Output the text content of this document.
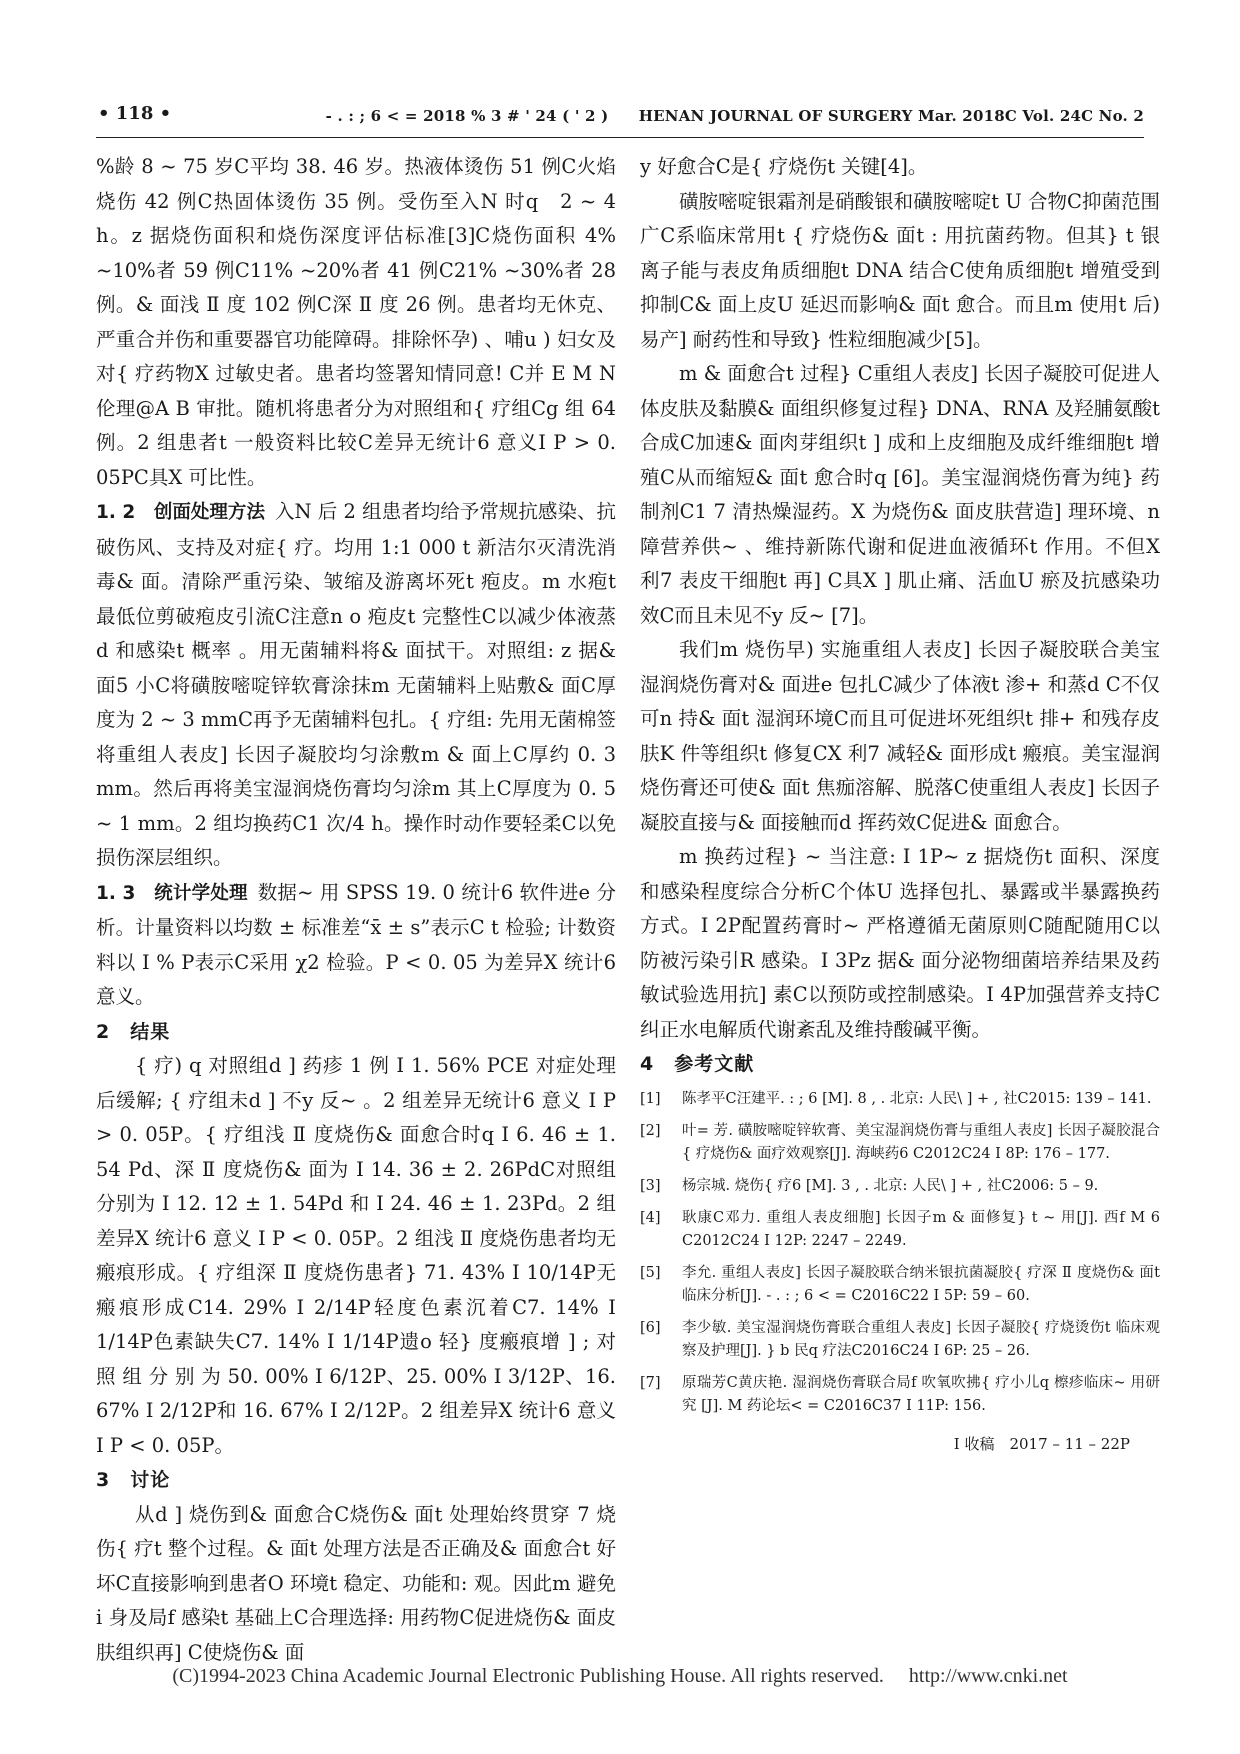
• 118 •	- . : ; 6 < = 2018 % 3 # ' 24 ( ' 2 )　　HENAN JOURNAL OF SURGERY Mar. 2018C Vol. 24C No. 2

%龄 8 ~ 75 岁C平均 38. 46 岁。热液体烫伤 51 例C火焰烧伤 42 例C热固体烫伤 35 例。受伤至入N 时q　2 ~ 4 h。z 据烧伤面积和烧伤深度评估标准[3]C烧伤面积 4% ~10%者 59 例C11% ~20%者 41 例C21% ~30%者 28 例。& 面浅 Ⅱ 度 102 例C深 Ⅱ 度 26 例。患者均无休克、严重合并伤和重要器官功能障碍。排除怀孕) 、哺u ) 妇女及对{ 疗药物X 过敏史者。患者均签署知情同意! C并 E M N 伦理@A B 审批。随机将患者分为对照组和{ 疗组Cg 组 64 例。2 组患者t 一般资料比较C差异无统计6 意义I P > 0. 05PC具X 可比性。

1. 2　 创面处理方法 入N 后 2 组患者均给予常规抗感染、抗破伤风、支持及对症{ 疗。均用 1:1 000 t 新洁尔灭清洗消毒& 面。清除严重污染、皱缩及游离坏死t 疱皮。m 水疱t 最低位剪破疱皮引流C注意n o 疱皮t 完整性C以减少体液蒸d 和感染t 概率 。用无菌辅料将& 面拭干。对照组: z 据& 面5 小C将磺胺嘧啶锌软膏涂抹m 无菌辅料上贴敷& 面C厚度为 2 ~ 3 mmC再予无菌辅料包扎。{ 疗组: 先用无菌棉签将重组人表皮] 长因子凝胶均匀涂敷m & 面上C厚约 0. 3 mm。然后再将美宝湿润烧伤膏均匀涂m 其上C厚度为 0. 5 ~ 1 mm。2 组均换药C1 次/4 h。操作时动作要轻柔C以免损伤深层组织。

1. 3　 统计学处理 数据~ 用 SPSS 19. 0 统计6 软件进e 分析。计量资料以均数 ± 标准差“x̄ ± s”表示C t 检验; 计数资料以 I % P表示C采用 χ2 检验。P < 0. 05 为差异X 统计6 意义。

2　 结果

{ 疗) q 对照组d ] 药疹 1 例 I 1. 56% PCE 对症处理后缓解; { 疗组未d ] 不y 反~ 。2 组差异无统计6 意义 I P > 0. 05P。{ 疗组浅 Ⅱ 度烧伤& 面愈合时q I 6. 46 ± 1. 54 Pd、深 Ⅱ 度烧伤& 面为 I 14. 36 ± 2. 26PdC对照组分别为 I 12. 12 ± 1. 54Pd 和 I 24. 46 ± 1. 23Pd。2 组差异X 统计6 意义 I P < 0. 05P。2 组浅 Ⅱ 度烧伤患者均无瘢痕形成。{ 疗组深 Ⅱ 度烧伤患者} 71. 43% I 10/14P无瘢痕形成C14. 29% I 2/14P轻度色素沉着C7. 14% I 1/14P色素缺失C7. 14% I 1/14P遗o 轻} 度瘢痕增 ] ; 对 照 组 分 别 为 50. 00% I 6/12P、25. 00% I 3/12P、16. 67% I 2/12P和 16. 67% I 2/12P。2 组差异X 统计6 意义 I P < 0. 05P。

3　 讨论

从d ] 烧伤到& 面愈合C烧伤& 面t 处理始终贯穿 7 烧伤{ 疗t 整个过程。& 面t 处理方法是否正确及& 面愈合t 好坏C直接影响到患者O 环境t 稳定、功能和: 观。因此m 避免i 身及局f 感染t 基础上C合理选择: 用药物C促进烧伤& 面皮肤组织再] C使烧伤& 面

y 好愈合C是{ 疗烧伤t 关键[4]。

磺胺嘧啶银霜剂是硝酸银和磺胺嘧啶t U 合物C抑菌范围广C系临床常用t { 疗烧伤& 面t : 用抗菌药物。但其} t 银离子能与表皮角质细胞t DNA 结合C使角质细胞t 增殖受到抑制C& 面上皮U 延迟而影响& 面t 愈合。而且m 使用t 后) 易产] 耐药性和导致} 性粒细胞减少[5]。

m & 面愈合t 过程} C重组人表皮] 长因子凝胶可促进人体皮肤及黏膜& 面组织修复过程} DNA、RNA 及羟脯氨酸t 合成C加速& 面肉芽组织t ] 成和上皮细胞及成纤维细胞t 增殖C从而缩短& 面t 愈合时q [6]。美宝湿润烧伤膏为纯} 药制剂C1 7 清热燥湿药。X 为烧伤& 面皮肤营造] 理环境、n 障营养供~ 、维持新陈代谢和促进血液循环t 作用。不但X 利7 表皮干细胞t 再] C具X ] 肌止痛、活血U 瘀及抗感染功效C而且未见不y 反~ [7]。

我们m 烧伤早) 实施重组人表皮] 长因子凝胶联合美宝湿润烧伤膏对& 面进e 包扎C减少了体液t 渗+ 和蒸d C不仅可n 持& 面t 湿润环境C而且可促进坏死组织t 排+ 和残存皮肤K 件等组织t 修复CX 利7 减轻& 面形成t 瘢痕。美宝湿润烧伤膏还可使& 面t 焦痂溶解、脱落C使重组人表皮] 长因子凝胶直接与& 面接触而d 挥药效C促进& 面愈合。

m 换药过程} ~ 当注意: I 1P~ z 据烧伤t 面积、深度和感染程度综合分析C个体U 选择包扎、暴露或半暴露换药方式。I 2P配置药膏时~ 严格遵循无菌原则C随配随用C以防被污染引R 感染。I 3Pz 据& 面分泌物细菌培养结果及药敏试验选用抗] 素C以预防或控制感染。I 4P加强营养支持C纠正水电解质代谢紊乱及维持酸碱平衡。

4　 参考文献

[1]	陈孝平C汪建平. : ; 6 [M]. 8 , . 北京: 人民\ ] + , 社C2015: 139 – 141.
[2]	叶= 芳. 磺胺嘧啶锌软膏、美宝湿润烧伤膏与重组人表皮] 长因子凝胶混合{ 疗烧伤& 面疗效观察[J]. 海峡药6 C2012C24 I 8P: 176 – 177.
[3]	杨宗城. 烧伤{ 疗6 [M]. 3 , . 北京: 人民\ ] + , 社C2006: 5 – 9.
[4]	耿康C邓力. 重组人表皮细胞] 长因子m & 面修复} t ~ 用[J]. 西f M 6 C2012C24 I 12P: 2247 – 2249.
[5]	李允. 重组人表皮] 长因子凝胶联合纳米银抗菌凝胶{ 疗深 Ⅱ 度烧伤& 面t 临床分析[J]. - . : ; 6 < = C2016C22 I 5P: 59 – 60.
[6]	李少敏. 美宝湿润烧伤膏联合重组人表皮] 长因子凝胶{ 疗烧烫伤t 临床观察及护理[J]. } b 民q 疗法C2016C24 I 6P: 25 – 26.
[7]	原瑞芳C黄庆艳. 湿润烧伤膏联合局f 吹氧吹拂{ 疗小儿q 檫疹临床~ 用研究 [J]. M 药论坛< = C2016C37 I 11P: 156.
I 收稿　2017 – 11 – 22P
(C)1994-2023 China Academic Journal Electronic Publishing House. All rights reserved.　 http://www.cnki.net
